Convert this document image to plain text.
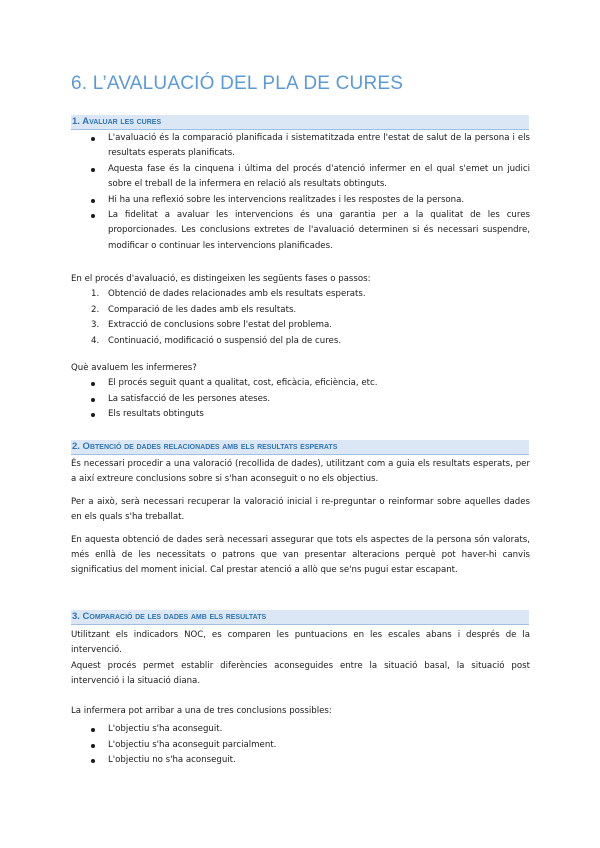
6. L’AVALUACIÓ DEL PLA DE CURES
1. Avaluar les cures
L'avaluació és la comparació planificada i sistematitzada entre l'estat de salut de la persona i els resultats esperats planificats.
Aquesta fase és la cinquena i última del procés d'atenció infermer en el qual s'emet un judici sobre el treball de la infermera en relació als resultats obtinguts.
Hi ha una reflexió sobre les intervencions realitzades i les respostes de la persona.
La fidelitat a avaluar les intervencions és una garantia per a la qualitat de les cures proporcionades. Les conclusions extretes de l'avaluació determinen si és necessari suspendre, modificar o continuar les intervencions planificades.

En el procés d'avaluació, es distingeixen les següents fases o passos:

1. Obtenció de dades relacionades amb els resultats esperats.
2. Comparació de les dades amb els resultats.
3. Extracció de conclusions sobre l'estat del problema.
4. Continuació, modificació o suspensió del pla de cures.

Què avaluem les infermeres?

El procés seguit quant a qualitat, cost, eficàcia, eficiència, etc.
La satisfacció de les persones ateses.
Els resultats obtinguts
2. Obtenció de dades relacionades amb els resultats esperats

És necessari procedir a una valoració (recollida de dades), utilitzant com a guia els resultats esperats, per a així extreure conclusions sobre si s'han aconseguit o no els objectius.

Per a això, serà necessari recuperar la valoració inicial i re-preguntar o reinformar sobre aquelles dades en els quals s'ha treballat.

En aquesta obtenció de dades serà necessari assegurar que tots els aspectes de la persona són valorats, més enllà de les necessitats o patrons que van presentar alteracions perquè pot haver-hi canvis significatius del moment inicial. Cal prestar atenció a allò que se'ns pugui estar escapant.

3. Comparació de les dades amb els resultats

Utilitzant els indicadors NOC, es comparen les puntuacions en les escales abans i després de la intervenció.

Aquest procés permet establir diferències aconseguides entre la situació basal, la situació post intervenció i la situació diana.

La infermera pot arribar a una de tres conclusions possibles:

L'objectiu s'ha aconseguit.
L'objectiu s'ha aconseguit parcialment.
L'objectiu no s'ha aconseguit.
